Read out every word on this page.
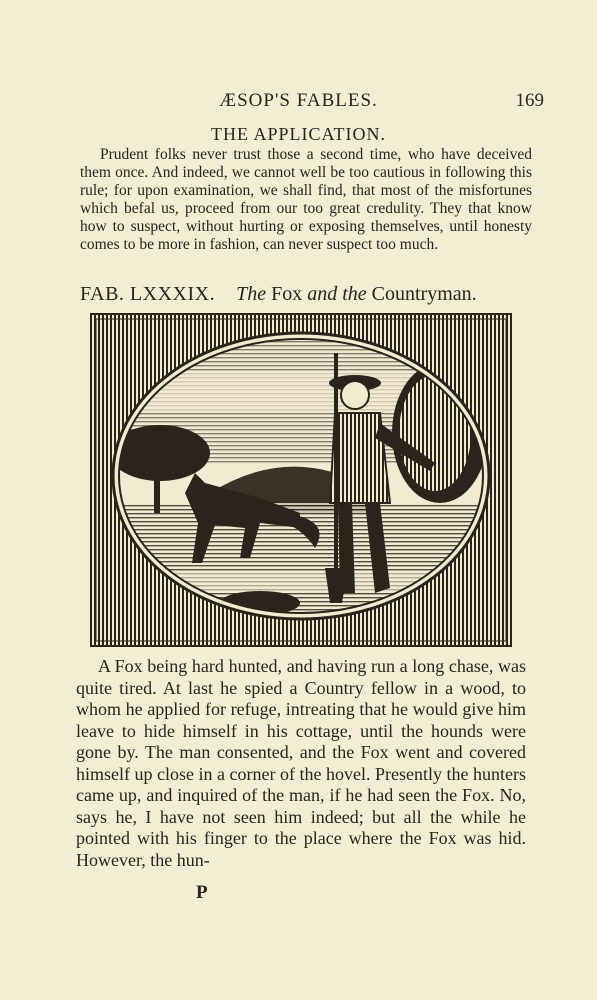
ÆSOP'S FABLES.	169
THE APPLICATION.

Prudent folks never trust those a second time, who have deceived them once. And indeed, we cannot well be too cautious in following this rule; for upon examination, we shall find, that most of the misfortunes which befal us, proceed from our too great credulity. They that know how to suspect, without hurting or exposing themselves, until honesty comes to be more in fashion, can never suspect too much.

FAB. LXXXIX. The Fox and the Countryman.

A Fox being hard hunted, and having run a long chase, was quite tired. At last he spied a Country fellow in a wood, to whom he applied for refuge, intreating that he would give him leave to hide himself in his cottage, until the hounds were gone by. The man consented, and the Fox went and covered himself up close in a corner of the hovel. Presently the hunters came up, and inquired of the man, if he had seen the Fox. No, says he, I have not seen him indeed; but all the while he pointed with his finger to the place where the Fox was hid. However, the hun-

P
